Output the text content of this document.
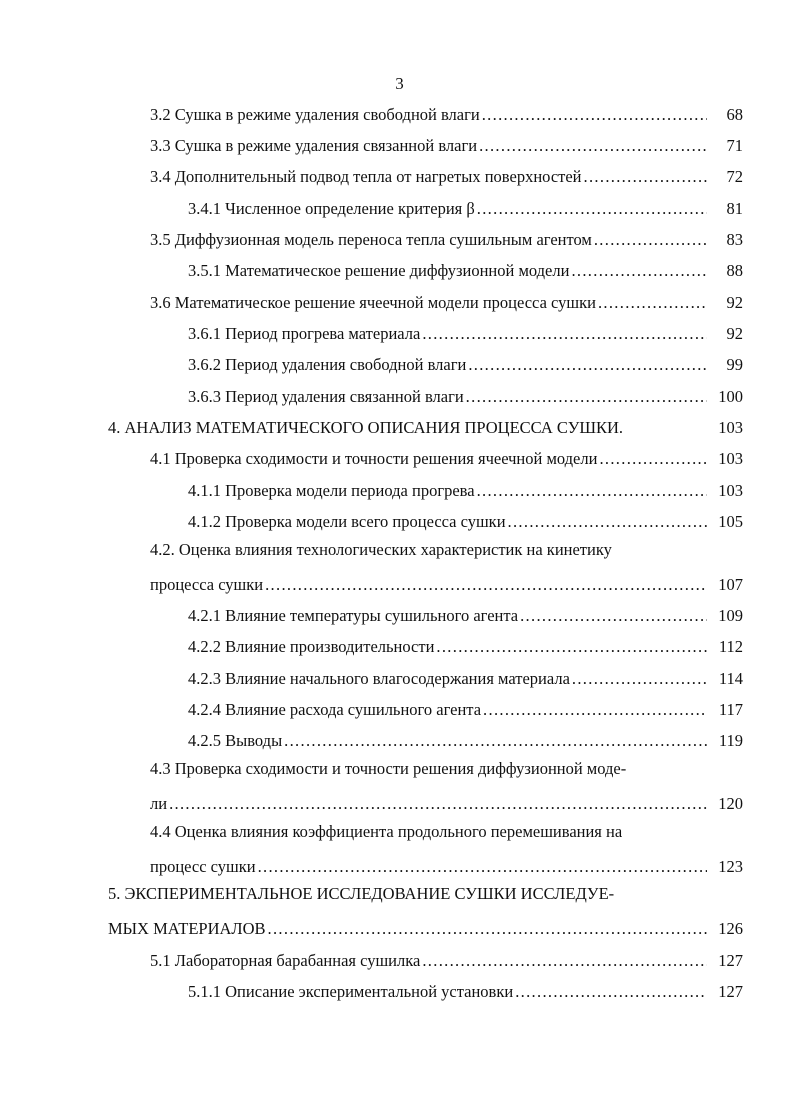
3
3.2 Сушка в режиме удаления свободной влаги . . .	68
3.3 Сушка в режиме удаления связанной влаги . . .	71
3.4 Дополнительный подвод тепла от нагретых поверхностей . . .	72
3.4.1 Численное определение критерия β . . .	81
3.5 Диффузионная модель переноса тепла сушильным агентом . . .	83
3.5.1 Математическое решение диффузионной модели . . .	88
3.6 Математическое решение ячеечной модели процесса сушки . . .	92
3.6.1 Период прогрева материала . . .	92
3.6.2 Период удаления свободной влаги . . .	99
3.6.3 Период удаления связанной влаги . . .	100
4. АНАЛИЗ МАТЕМАТИЧЕСКОГО ОПИСАНИЯ ПРОЦЕССА СУШКИ.	103
4.1 Проверка сходимости и точности решения ячеечной модели . . .	103
4.1.1 Проверка модели периода прогрева . . .	103
4.1.2 Проверка модели всего процесса сушки . . .	105
4.2. Оценка влияния технологических характеристик на кинетику
процесса сушки . . .	107
4.2.1 Влияние температуры сушильного агента . . .	109
4.2.2 Влияние производительности . . .	112
4.2.3 Влияние начального влагосодержания материала . . .	114
4.2.4 Влияние расхода сушильного агента . . .	117
4.2.5 Выводы . . .	119
4.3 Проверка сходимости и точности решения диффузионной моде-
ли . . .	120
4.4 Оценка влияния коэффициента продольного перемешивания на
процесс сушки . . .	123
5. ЭКСПЕРИМЕНТАЛЬНОЕ ИССЛЕДОВАНИЕ СУШКИ ИССЛЕДУЕ-
МЫХ МАТЕРИАЛОВ . . .	126
5.1 Лабораторная барабанная сушилка . . .	127
5.1.1 Описание экспериментальной установки . . .	127
